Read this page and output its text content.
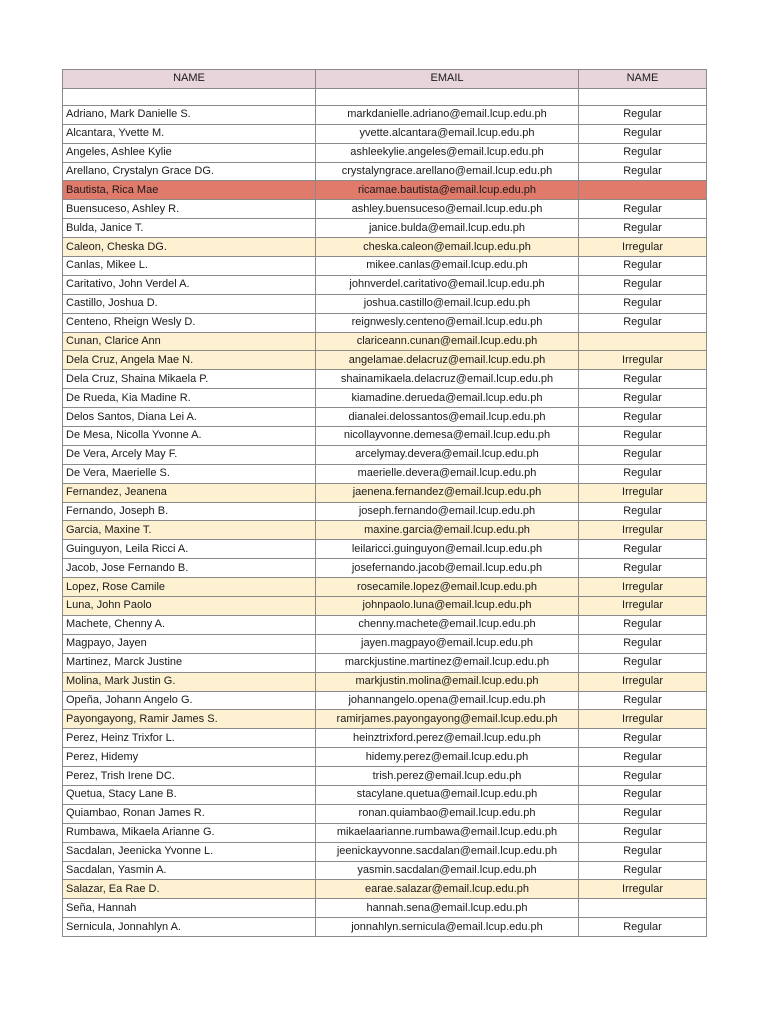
NAME	EMAIL	NAME

Adriano, Mark Danielle S.	markdanielle.adriano@email.lcup.edu.ph	Regular
Alcantara, Yvette M.	yvette.alcantara@email.lcup.edu.ph	Regular
Angeles, Ashlee Kylie	ashleekylie.angeles@email.lcup.edu.ph	Regular
Arellano, Crystalyn Grace DG.	crystalyngrace.arellano@email.lcup.edu.ph	Regular
Bautista, Rica Mae	ricamae.bautista@email.lcup.edu.ph	
Buensuceso, Ashley R.	ashley.buensuceso@email.lcup.edu.ph	Regular
Bulda, Janice T.	janice.bulda@email.lcup.edu.ph	Regular
Caleon, Cheska DG.	cheska.caleon@email.lcup.edu.ph	Irregular
Canlas, Mikee L.	mikee.canlas@email.lcup.edu.ph	Regular
Caritativo, John Verdel A.	johnverdel.caritativo@email.lcup.edu.ph	Regular
Castillo, Joshua D.	joshua.castillo@email.lcup.edu.ph	Regular
Centeno, Rheign Wesly D.	reignwesly.centeno@email.lcup.edu.ph	Regular
Cunan, Clarice Ann	clariceann.cunan@email.lcup.edu.ph	
Dela Cruz, Angela Mae N.	angelamae.delacruz@email.lcup.edu.ph	Irregular
Dela Cruz, Shaina Mikaela P.	shainamikaela.delacruz@email.lcup.edu.ph	Regular
De Rueda, Kia Madine R.	kiamadine.derueda@email.lcup.edu.ph	Regular
Delos Santos, Diana Lei A.	dianalei.delossantos@email.lcup.edu.ph	Regular
De Mesa, Nicolla Yvonne A.	nicollayvonne.demesa@email.lcup.edu.ph	Regular
De Vera, Arcely May F.	arcelymay.devera@email.lcup.edu.ph	Regular
De Vera, Maerielle S.	maerielle.devera@email.lcup.edu.ph	Regular
Fernandez, Jeanena	jaenena.fernandez@email.lcup.edu.ph	Irregular
Fernando, Joseph B.	joseph.fernando@email.lcup.edu.ph	Regular
Garcia, Maxine T.	maxine.garcia@email.lcup.edu.ph	Irregular
Guinguyon, Leila Ricci A.	leilaricci.guinguyon@email.lcup.edu.ph	Regular
Jacob, Jose Fernando B.	josefernando.jacob@email.lcup.edu.ph	Regular
Lopez, Rose Camile	rosecamile.lopez@email.lcup.edu.ph	Irregular
Luna, John Paolo	johnpaolo.luna@email.lcup.edu.ph	Irregular
Machete, Chenny A.	chenny.machete@email.lcup.edu.ph	Regular
Magpayo, Jayen	jayen.magpayo@email.lcup.edu.ph	Regular
Martinez, Marck Justine	marckjustine.martinez@email.lcup.edu.ph	Regular
Molina, Mark Justin G.	markjustin.molina@email.lcup.edu.ph	Irregular
Opeña, Johann Angelo G.	johannangelo.opena@email.lcup.edu.ph	Regular
Payongayong, Ramir James S.	ramirjames.payongayong@email.lcup.edu.ph	Irregular
Perez, Heinz Trixfor L.	heinztrixford.perez@email.lcup.edu.ph	Regular
Perez, Hidemy	hidemy.perez@email.lcup.edu.ph	Regular
Perez, Trish Irene DC.	trish.perez@email.lcup.edu.ph	Regular
Quetua, Stacy Lane B.	stacylane.quetua@email.lcup.edu.ph	Regular
Quiambao, Ronan James R.	ronan.quiambao@email.lcup.edu.ph	Regular
Rumbawa, Mikaela Arianne G.	mikaelaarianne.rumbawa@email.lcup.edu.ph	Regular
Sacdalan, Jeenicka Yvonne L.	jeenickayvonne.sacdalan@email.lcup.edu.ph	Regular
Sacdalan, Yasmin A.	yasmin.sacdalan@email.lcup.edu.ph	Regular
Salazar, Ea Rae D.	earae.salazar@email.lcup.edu.ph	Irregular
Seña, Hannah	hannah.sena@email.lcup.edu.ph	
Sernicula, Jonnahlyn A.	jonnahlyn.sernicula@email.lcup.edu.ph	Regular
